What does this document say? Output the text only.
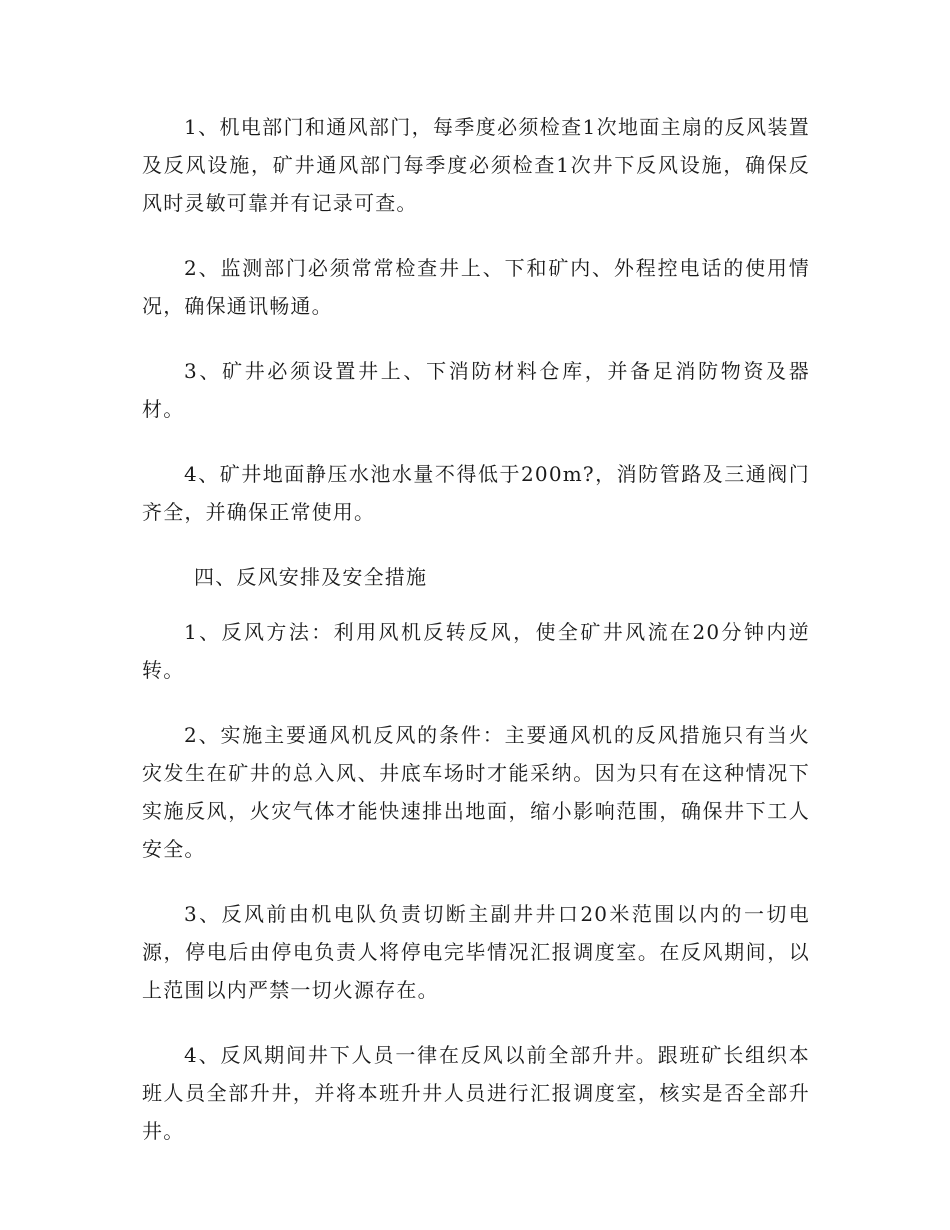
1、机电部门和通风部门，每季度必须检查1次地面主扇的反风装置及反风设施，矿井通风部门每季度必须检查1次井下反风设施，确保反风时灵敏可靠并有记录可查。

2、监测部门必须常常检查井上、下和矿内、外程控电话的使用情况，确保通讯畅通。

3、矿井必须设置井上、下消防材料仓库，并备足消防物资及器材。

4、矿井地面静压水池水量不得低于200m?，消防管路及三通阀门齐全，并确保正常使用。

四、反风安排及安全措施

1、反风方法：利用风机反转反风，使全矿井风流在20分钟内逆转。

2、实施主要通风机反风的条件：主要通风机的反风措施只有当火灾发生在矿井的总入风、井底车场时才能采纳。因为只有在这种情况下实施反风，火灾气体才能快速排出地面，缩小影响范围，确保井下工人安全。

3、反风前由机电队负责切断主副井井口20米范围以内的一切电源，停电后由停电负责人将停电完毕情况汇报调度室。在反风期间，以上范围以内严禁一切火源存在。

4、反风期间井下人员一律在反风以前全部升井。跟班矿长组织本班人员全部升井，并将本班升井人员进行汇报调度室，核实是否全部升井。
